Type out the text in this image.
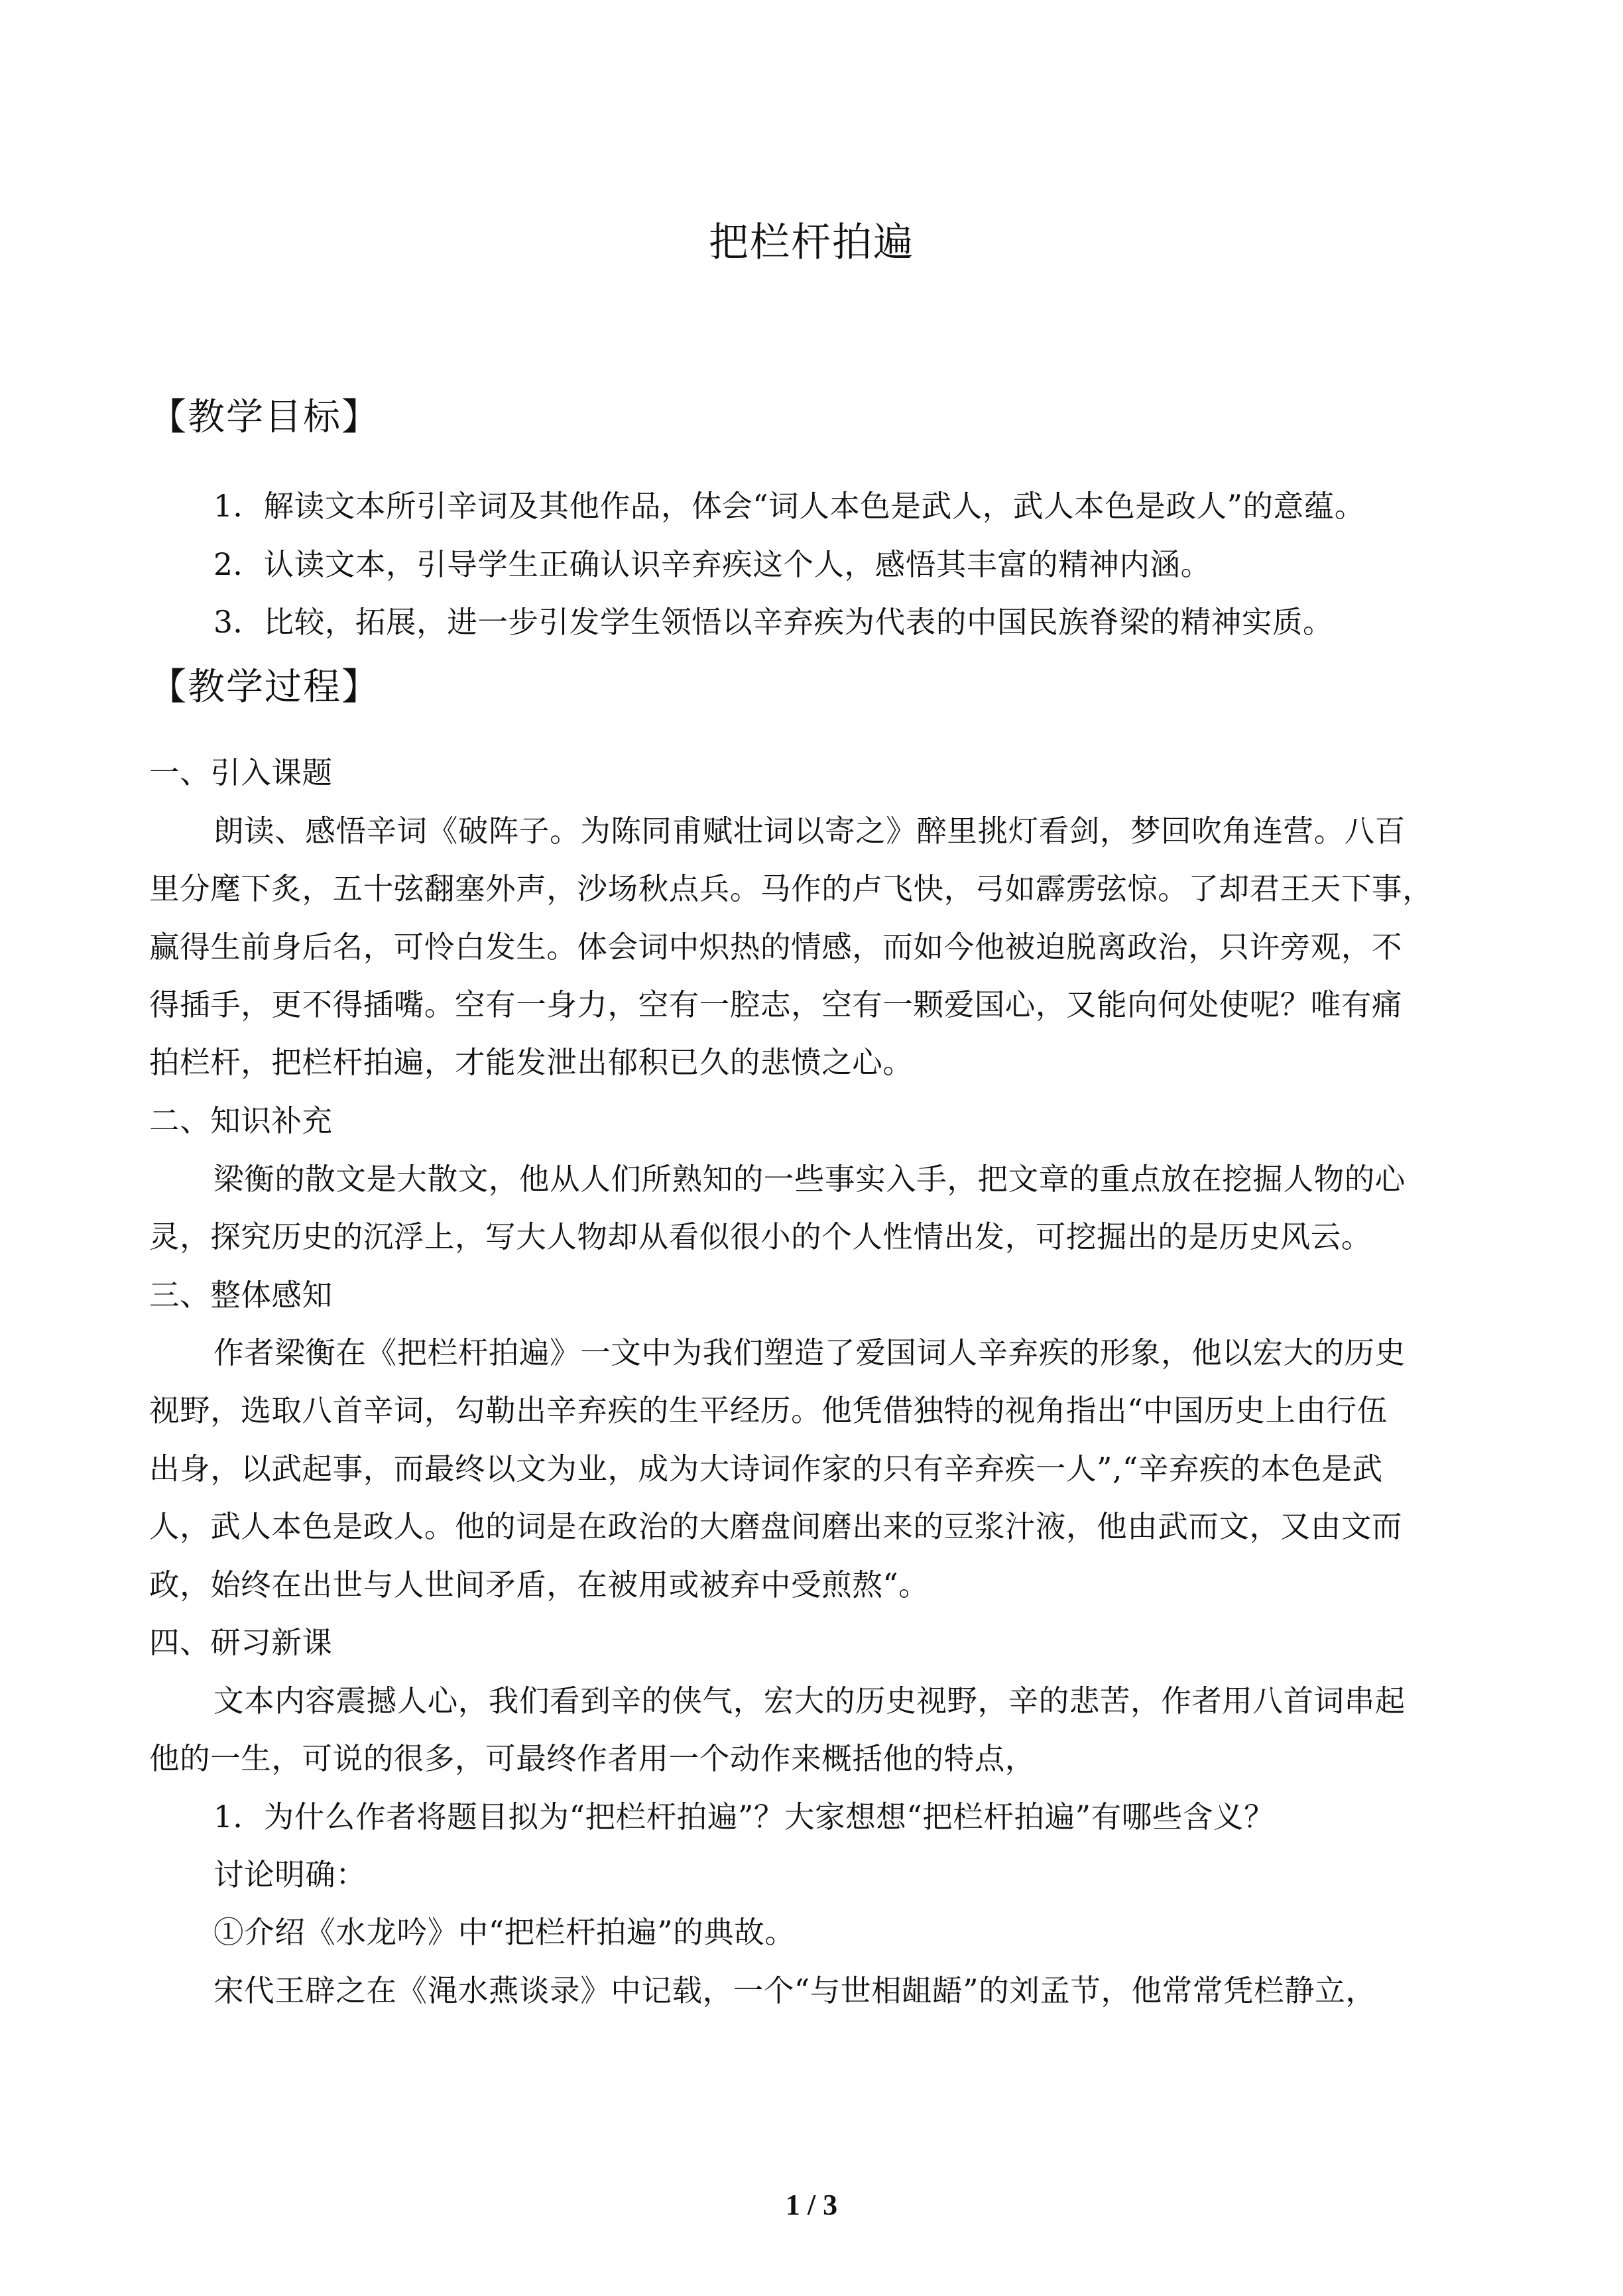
把栏杆拍遍
【教学目标】
1．解读文本所引辛词及其他作品，体会“词人本色是武人，武人本色是政人”的意蕴。
2．认读文本，引导学生正确认识辛弃疾这个人，感悟其丰富的精神内涵。
3．比较，拓展，进一步引发学生领悟以辛弃疾为代表的中国民族脊梁的精神实质。
【教学过程】
一、引入课题
朗读、感悟辛词《破阵子。为陈同甫赋壮词以寄之》醉里挑灯看剑，梦回吹角连营。八百
里分麾下炙，五十弦翻塞外声，沙场秋点兵。马作的卢飞快，弓如霹雳弦惊。了却君王天下事，
赢得生前身后名，可怜白发生。体会词中炽热的情感，而如今他被迫脱离政治，只许旁观，不
得插手，更不得插嘴。空有一身力，空有一腔志，空有一颗爱国心，又能向何处使呢？唯有痛
拍栏杆，把栏杆拍遍，才能发泄出郁积已久的悲愤之心。
二、知识补充
梁衡的散文是大散文，他从人们所熟知的一些事实入手，把文章的重点放在挖掘人物的心
灵，探究历史的沉浮上，写大人物却从看似很小的个人性情出发，可挖掘出的是历史风云。
三、整体感知
作者梁衡在《把栏杆拍遍》一文中为我们塑造了爱国词人辛弃疾的形象，他以宏大的历史
视野，选取八首辛词，勾勒出辛弃疾的生平经历。他凭借独特的视角指出“中国历史上由行伍
出身，以武起事，而最终以文为业，成为大诗词作家的只有辛弃疾一人”,“辛弃疾的本色是武
人，武人本色是政人。他的词是在政治的大磨盘间磨出来的豆浆汁液，他由武而文，又由文而
政，始终在出世与人世间矛盾，在被用或被弃中受煎熬“。
四、研习新课
文本内容震撼人心，我们看到辛的侠气，宏大的历史视野，辛的悲苦，作者用八首词串起
他的一生，可说的很多，可最终作者用一个动作来概括他的特点，
1．为什么作者将题目拟为“把栏杆拍遍”？大家想想“把栏杆拍遍”有哪些含义？
讨论明确：
①介绍《水龙吟》中“把栏杆拍遍”的典故。
宋代王辟之在《渑水燕谈录》中记载，一个“与世相龃龉”的刘孟节，他常常凭栏静立，
1 / 3
